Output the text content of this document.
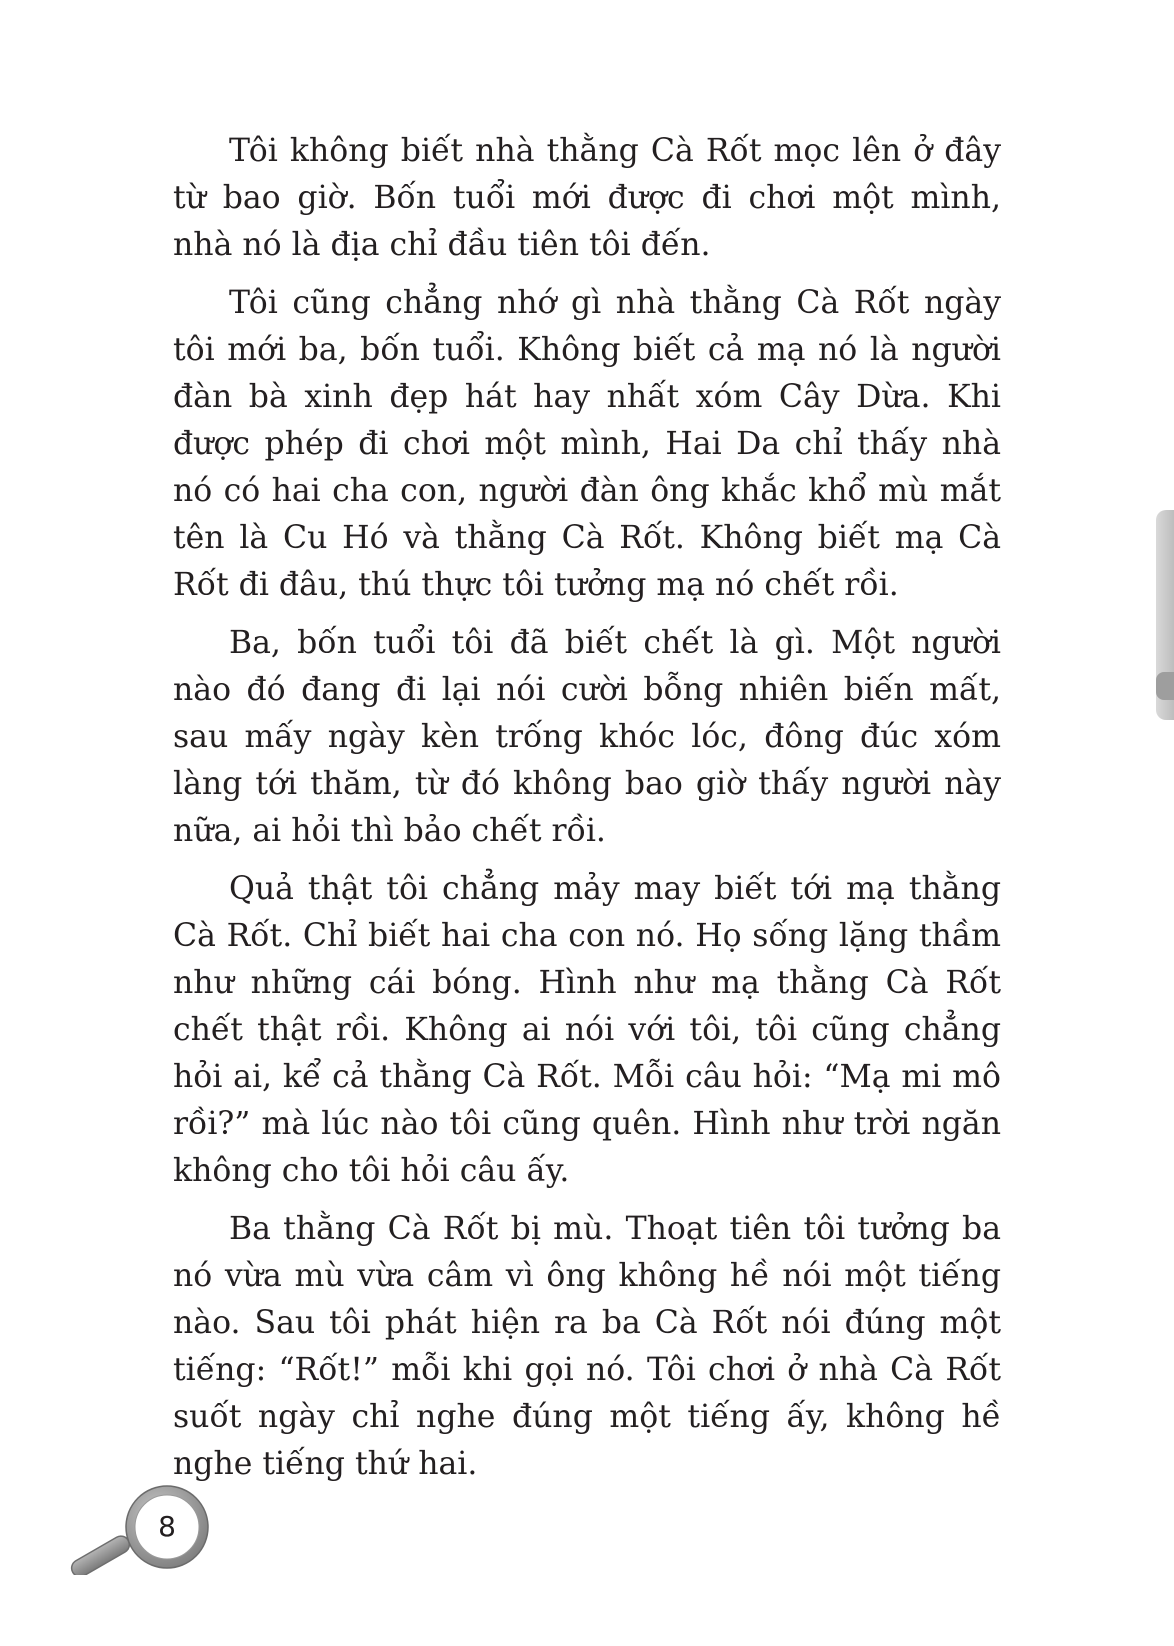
Tôi không biết nhà thằng Cà Rốt mọc lên ở đây từ bao giờ. Bốn tuổi mới được đi chơi một mình, nhà nó là địa chỉ đầu tiên tôi đến.

Tôi cũng chẳng nhớ gì nhà thằng Cà Rốt ngày tôi mới ba, bốn tuổi. Không biết cả mạ nó là người đàn bà xinh đẹp hát hay nhất xóm Cây Dừa. Khi được phép đi chơi một mình, Hai Da chỉ thấy nhà nó có hai cha con, người đàn ông khắc khổ mù mắt tên là Cu Hó và thằng Cà Rốt. Không biết mạ Cà Rốt đi đâu, thú thực tôi tưởng mạ nó chết rồi.

Ba, bốn tuổi tôi đã biết chết là gì. Một người nào đó đang đi lại nói cười bỗng nhiên biến mất, sau mấy ngày kèn trống khóc lóc, đông đúc xóm làng tới thăm, từ đó không bao giờ thấy người này nữa, ai hỏi thì bảo chết rồi.

Quả thật tôi chẳng mảy may biết tới mạ thằng Cà Rốt. Chỉ biết hai cha con nó. Họ sống lặng thầm như những cái bóng. Hình như mạ thằng Cà Rốt chết thật rồi. Không ai nói với tôi, tôi cũng chẳng hỏi ai, kể cả thằng Cà Rốt. Mỗi câu hỏi: “Mạ mi mô rồi?” mà lúc nào tôi cũng quên. Hình như trời ngăn không cho tôi hỏi câu ấy.

Ba thằng Cà Rốt bị mù. Thoạt tiên tôi tưởng ba nó vừa mù vừa câm vì ông không hề nói một tiếng nào. Sau tôi phát hiện ra ba Cà Rốt nói đúng một tiếng: “Rốt!” mỗi khi gọi nó. Tôi chơi ở nhà Cà Rốt suốt ngày chỉ nghe đúng một tiếng ấy, không hề nghe tiếng thứ hai.

8
